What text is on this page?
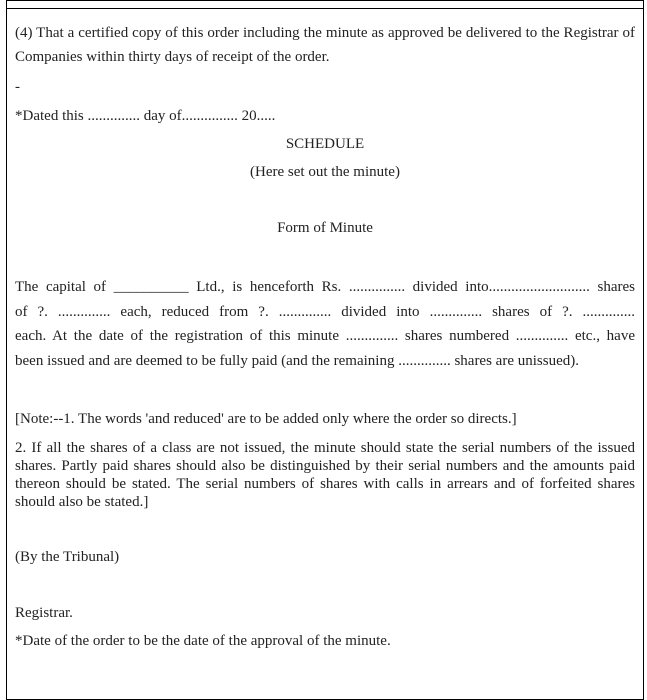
(4) That a certified copy of this order including the minute as approved be delivered to the Registrar of Companies within thirty days of receipt of the order.

-

*Dated this .............. day of............... 20.....

SCHEDULE

(Here set out the minute)

Form of Minute

The capital of __________ Ltd., is henceforth Rs. ............... divided into........................... shares
of ?. .............. each, reduced from ?. .............. divided into .............. shares of ?. ..............
each. At the date of the registration of this minute .............. shares numbered .............. etc., have
been issued and are deemed to be fully paid (and the remaining .............. shares are unissued).

[Note:--1. The words 'and reduced' are to be added only where the order so directs.]

2. If all the shares of a class are not issued, the minute should state the serial numbers of the issued shares. Partly paid shares should also be distinguished by their serial numbers and the amounts paid thereon should be stated. The serial numbers of shares with calls in arrears and of forfeited shares should also be stated.]

(By the Tribunal)

Registrar.

*Date of the order to be the date of the approval of the minute.
